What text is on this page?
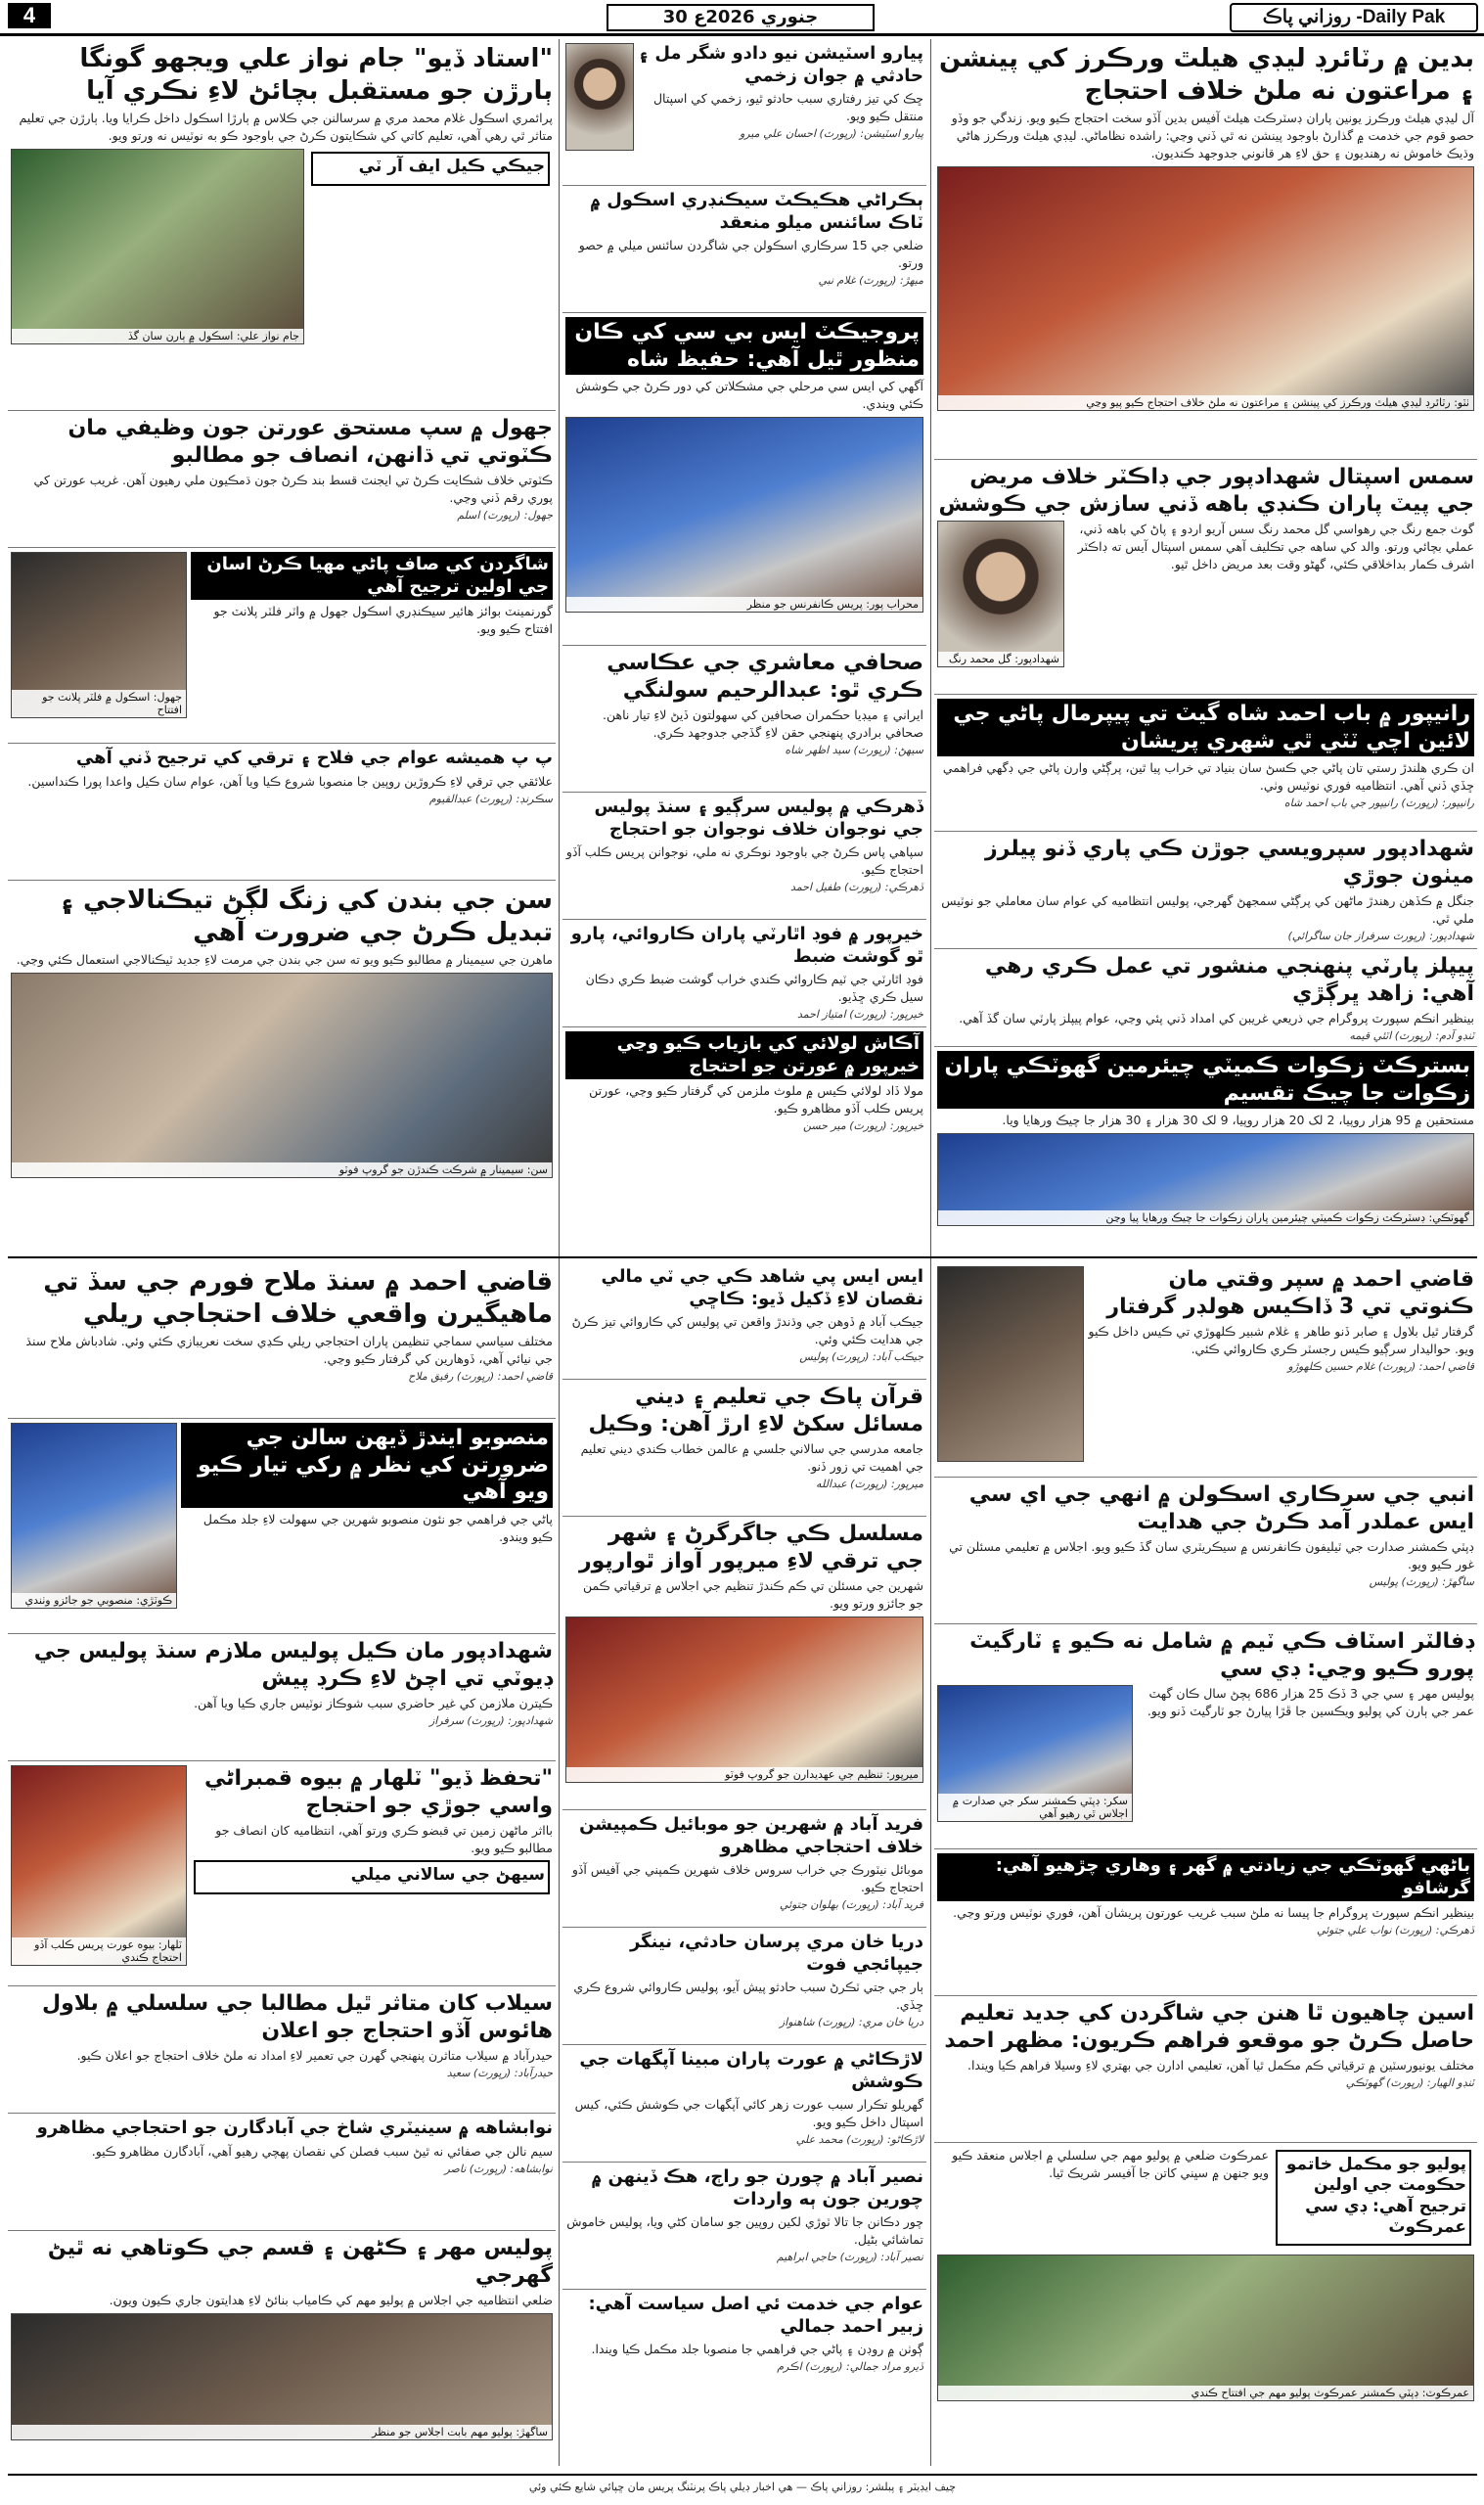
4	30 جنوري 2026ع	روزاني پاڪ -Daily Pak
بدين ۾ رٽائرڊ ليڊي هيلٿ ورڪرز کي پينشن ۽ مراعتون نه ملڻ خلاف احتجاج
آل ليڊي هيلٿ ورڪرز يونين پاران ڊسٽرڪٽ هيلٿ آفيس بدين آڏو سخت احتجاج ڪيو ويو. زندگي جو وڏو حصو قوم جي خدمت ۾ گذارڻ باوجود پينشن نه ٿي ڏني وڃي: راشده نظاماڻي. ليڊي هيلٿ ورڪرز هاڻي وڌيڪ خاموش نه رهنديون ۽ حق لاءِ هر قانوني جدوجهد ڪنديون.
ٺٽو: رٽائرڊ ليڊي هيلٿ ورڪرز کي پينشن ۽ مراعتون نه ملڻ خلاف احتجاج ڪيو پيو وڃي
سمس اسپتال شهدادپور جي ڊاڪٽر خلاف مريض جي پيٽ پاران ڪنڊي باهه ڏني سازش جي ڪوشش
گوٺ جمع رنگ جي رهواسي گل محمد رنگ سس آريو اردو ۽ پاڻ کي باهه ڏني، عملي بچائي ورتو. والد کي ساهه جي تڪليف آهي سمس اسپتال آيس ته ڊاڪٽر اشرف ڪمار بداخلاقي ڪئي، گهڻو وقت بعد مريض داخل ٿيو.
شهدادپور: گل محمد رنگ
رانيپور ۾ باب احمد شاه گيٽ تي پيپرمال پاڻي جي لائين اچي ٽٽي ٿي شهري پريشان
ان ڪري هلندڙ رستي تان پاڻي جي ڪسڻ سان بنياد تي خراب پيا ٿين، پرڳڻي وارن پاڻي جي ڊگهي فراهمي ڇڏي ڏني آهي. انتظاميه فوري نوٽيس وٺي.
رانيپور: (رپورٽ) رانيپور جي باب احمد شاه
شهدادپور سپرويسي جوڙن ڪي پاري ڏنو پيلرز ميٺون جوڙي
جنگل ۾ ڪڏهن رهندڙ ماڻهن کي پرڳڻي سمجهڻ گهرجي، پوليس انتظاميه کي عوام سان معاملي جو نوٽيس ملي ٿي.
شهدادپور: (رپورٽ سرفراز جان ساگرائي)
پيپلز پارٽي پنهنجي منشور تي عمل ڪري رهي آهي: زاهد ڀرڳڙي
بينظير انڪم سپورٽ پروگرام جي ذريعي غريبن کي امداد ڏني پئي وڃي، عوام پيپلز پارٽي سان گڏ آهي.
ٽنڊو آدم: (رپورٽ) اٽئي قيمه
بسترڪٽ زڪوات ڪميٽي چيئرمين گهوٽڪي پاران زڪوات جا چيڪ تقسيم
مستحقين ۾ 95 هزار روپيا، 2 لک 20 هزار روپيا، 9 لک 30 هزار ۽ 30 هزار جا چيڪ ورهايا ويا.
گهوٽڪي: ڊسٽرڪٽ زڪوات ڪميٽي چيئرمين پاران زڪوات جا چيڪ ورهايا پيا وڃن
پيارو اسٽيشن نيو دادو شگر مل ۽ حادثي ۾ جوان زخمي
ڇڪ کي تيز رفتاري سبب حادثو ٿيو، زخمي کي اسپتال منتقل ڪيو ويو.
پيارو اسٽيشن: (رپورٽ) احسان علي ميرو
ٻڪراڻي هڪيڪٽ سيڪنڊري اسڪول ۾ ٽاڪ سائنس ميلو منعقد
ضلعي جي 15 سرڪاري اسڪولن جي شاگردن سائنس ميلي ۾ حصو ورتو.
ميهڙ: (رپورٽ) غلام نبي
پروجيڪٽ ايس بي سي کي ڪان منظور ٿيل آهي: حفيظ شاه
آگهي کي ايس سي مرحلي جي مشڪلاتن کي دور ڪرڻ جي ڪوشش ڪئي ويندي.
محراب پور: پريس ڪانفرنس جو منظر
صحافي معاشري جي عڪاسي ڪري ٿو: عبدالرحيم سولنگي
ايراني ۽ ميڊيا حڪمران صحافين کي سهولتون ڏيڻ لاءِ تيار ناهن. صحافي برادري پنهنجي حقن لاءِ گڏجي جدوجهد ڪري.
سيهڻ: (رپورٽ) سيد اظهر شاه
ڏهرڪي ۾ پوليس سرڳيو ۽ سنڌ پوليس جي نوجوان خلاف نوجوان جو احتجاج
سپاهي پاس ڪرڻ جي باوجود نوڪري نه ملي، نوجوانن پريس ڪلب آڏو احتجاج ڪيو.
ڏهرڪي: (رپورٽ) طفيل احمد
خيرپور ۾ فوڊ اٿارٽي پاران ڪاروائي، پارو ٿو گوشت ضبط
فوڊ اٿارٽي جي ٽيم ڪاروائي ڪندي خراب گوشت ضبط ڪري دڪان سيل ڪري ڇڏيو.
خيرپور: (رپورٽ) امتياز احمد
آڪاش لولائي کي بازياب ڪيو وڃي خيرپور ۾ عورتن جو احتجاج
مولا ڏاد لولائي ڪيس ۾ ملوث ملزمن کي گرفتار ڪيو وڃي، عورتن پريس ڪلب آڏو مظاهرو ڪيو.
خيرپور: (رپورٽ) مير حسن
"استاد ڏيو" جام نواز علي ويجهو گونگا ٻارڙن جو مستقبل بچائڻ لاءِ نڪري آيا
پرائمري اسڪول غلام محمد مري ۾ سرسالنن جي ڪلاس ۾ ٻارڙا اسڪول داخل ڪرايا ويا. ٻارڙن جي تعليم متاثر ٿي رهي آهي، تعليم کاتي کي شڪايتون ڪرڻ جي باوجود ڪو به نوٽيس نه ورتو ويو.
جيڪي ڪيل ايف آر ٽي
جام نواز علي: اسڪول ۾ ٻارن سان گڏ
جهول ۾ سپ مستحق عورتن جون وظيفي مان ڪٽوتي تي ڌانهن، انصاف جو مطالبو
ڪٽوتي خلاف شڪايت ڪرڻ تي ايجنٽ قسط بند ڪرڻ جون ڌمڪيون ملي رهيون آهن. غريب عورتن کي پوري رقم ڏني وڃي.
جهول: (رپورٽ) اسلم
شاگردن کي صاف پاڻي مهيا ڪرڻ اسان جي اولين ترجيح آهي
گورنمينٽ بوائز هائير سيڪنڊري اسڪول جهول ۾ واٽر فلٽر پلانٽ جو افتتاح ڪيو ويو.
جهول: اسڪول ۾ فلٽر پلانٽ جو افتتاح
پ پ هميشه عوام جي فلاح ۽ ترقي کي ترجيح ڏني آهي
علائقي جي ترقي لاءِ ڪروڙين روپين جا منصوبا شروع ڪيا ويا آهن، عوام سان ڪيل واعدا پورا ڪنداسين.
سڪرنڊ: (رپورٽ) عبدالقيوم
سن جي بندن کي زنگ لڳڻ تيڪنالاجي ۽ تبديل ڪرڻ جي ضرورت آهي
ماهرن جي سيمينار ۾ مطالبو ڪيو ويو ته سن جي بندن جي مرمت لاءِ جديد ٽيڪنالاجي استعمال ڪئي وڃي.
سن: سيمينار ۾ شرڪت ڪندڙن جو گروپ فوٽو
قاضي احمد ۾ سپر وقتي مان ڪنوتي تي 3 ڏاڪيس هولڊر گرفتار
گرفتار ٿيل بلاول ۽ صابر ڏنو طاهر ۽ غلام شبير ڪلهوڙي تي ڪيس داخل ڪيو ويو. حواليدار سرڳيو ڪيس رجسٽر ڪري ڪاروائي ڪئي.
قاضي احمد: (رپورٽ) غلام حسين ڪلهوڙو
انبي جي سرڪاري اسڪولن ۾ انهي جي اي سي ايس عملدر آمد ڪرڻ جي هدايت
ڊپٽي ڪمشنر صدارت جي ٽيليفون ڪانفرنس ۾ سيڪريٽري سان گڏ ڪيو ويو. اجلاس ۾ تعليمي مسئلن تي غور ڪيو ويو.
ساگهڙ: (رپورٽ) پوليس
ڊفالٽر اسٽاف ڪي ٽيم ۾ شامل نه ڪيو ۽ ٽارگيٽ پورو ڪيو وڃي: ڊي سي
پوليس مهر ۽ سي جي 3 ڏڪ 25 هزار 686 ٻچڻ سال ڪان گهٽ عمر جي ٻارن کي پوليو ويڪسين جا ڦڙا پيارڻ جو ٽارگيٽ ڏنو ويو.
سکر: ڊپٽي ڪمشنر سکر جي صدارت ۾ اجلاس ٿي رهيو آهي
باڻهي گهوٽڪي جي زيادتي ۾ گهر ۽ وهاري چڙهيو آهي: گرشافو
بينظير انڪم سپورٽ پروگرام جا پيسا نه ملڻ سبب غريب عورتون پريشان آهن، فوري نوٽيس ورتو وڃي.
ڏهرڪي: (رپورٽ) نواب علي جتوئي
اسين چاهيون ٿا هنن جي شاگردن کي جديد تعليم حاصل ڪرڻ جو موقعو فراهم ڪريون: مظهر احمد
مختلف يونيورسٽين ۾ ترقياتي ڪم مڪمل ٿيا آهن، تعليمي ادارن جي بهتري لاءِ وسيلا فراهم ڪيا ويندا.
ٽنڊو الهيار: (رپورٽ) گهوٽڪي
پوليو جو مڪمل خاتمو حڪومت جي اولين ترجيح آهي: ڊي سي عمرڪوٽ
عمرڪوٽ ضلعي ۾ پوليو مهم جي سلسلي ۾ اجلاس منعقد ڪيو ويو جنهن ۾ سڀني کاتن جا آفيسر شريڪ ٿيا.
عمرڪوٽ: ڊپٽي ڪمشنر عمرڪوٽ پوليو مهم جي افتتاح ڪندي
ايس ايس پي شاهد ڪي جي ٽي مالي نقصان لاءِ ڏکيل ڏيو: ڪاڇي
جيڪب آباد ۾ ڏوهن جي وڌندڙ واقعن تي پوليس کي ڪاروائي تيز ڪرڻ جي هدايت ڪئي وئي.
جيڪب آباد: (رپورٽ) پوليس
قرآن پاڪ جي تعليم ۽ ديني مسائل سکڻ لاءِ ارڙ آهن: وڪيل
جامعه مدرسي جي سالاني جلسي ۾ عالمن خطاب ڪندي ديني تعليم جي اهميت تي زور ڏنو.
ميرپور: (رپورٽ) عبدالله
مسلسل ڪي جاگرگرڻ ۽ شهر جي ترقي لاءِ ميرپور آواز ٿوارپور
شهرين جي مسئلن تي ڪم ڪندڙ تنظيم جي اجلاس ۾ ترقياتي ڪمن جو جائزو ورتو ويو.
ميرپور: تنظيم جي عهديدارن جو گروپ فوٽو
فريد آباد ۾ شهرين جو موبائيل ڪمپيشن خلاف احتجاجي مظاهرو
موبائل نيٽورڪ جي خراب سروس خلاف شهرين ڪمپني جي آفيس آڏو احتجاج ڪيو.
فريد آباد: (رپورٽ) بهلوان جتوئي
دريا خان مري پرسان حادثي، نينگر جيپائجي فوت
ٻار جي جتي ٽڪرڻ سبب حادثو پيش آيو، پوليس ڪاروائي شروع ڪري ڇڏي.
دريا خان مري: (رپورٽ) شاهنواز
لاڙڪاڻي ۾ عورت پاران مبينا آپگهات جي ڪوشش
گهريلو تڪرار سبب عورت زهر کائي آپگهات جي ڪوشش ڪئي، کيس اسپتال داخل ڪيو ويو.
لاڙڪاڻو: (رپورٽ) محمد علي
نصير آباد ۾ چورن جو راڄ، هڪ ڏينهن ۾ چورين جون ٻه واردات
چور دڪانن جا تالا ٽوڙي لکين روپين جو سامان کڻي ويا، پوليس خاموش تماشائي بڻيل.
نصير آباد: (رپورٽ) حاجي ابراهيم
عوام جي خدمت ئي اصل سياست آهي: زبير احمد جمالي
ڳوٺن ۾ روڊن ۽ پاڻي جي فراهمي جا منصوبا جلد مڪمل ڪيا ويندا.
ڏيرو مراد جمالي: (رپورٽ) اڪرم
قاضي احمد ۾ سنڌ ملاح فورم جي سڏ تي ماهيگيرن واقعي خلاف احتجاجي ريلي
مختلف سياسي سماجي تنظيمن پاران احتجاجي ريلي ڪڍي سخت نعريبازي ڪئي وئي. شادباش ملاح سنڌ جي نيائي آهي، ڏوهارين کي گرفتار ڪيو وڃي.
قاضي احمد: (رپورٽ) رفيق ملاح
منصوبو ايندڙ ڏيهن سالن جي ضرورتن کي نظر ۾ رکي تيار ڪيو ويو آهي
پاڻي جي فراهمي جو نئون منصوبو شهرين جي سهولت لاءِ جلد مڪمل ڪيو ويندو.
ڪوٽڙي: منصوبي جو جائزو وٺندي
شهدادپور مان ڪيل پوليس ملازم سنڌ پوليس جي ڊيوٽي تي اچڻ لاءِ ڪرڊ پيش
ڪيترن ملازمن کي غير حاضري سبب شوڪاز نوٽيس جاري ڪيا ويا آهن.
شهدادپور: (رپورٽ) سرفراز
"تحفظ ڏيو" ٽلهار ۾ بيوه قمبراڻي واسي جوڙي جو احتجاج
بااثر ماڻهن زمين تي قبضو ڪري ورتو آهي، انتظاميه کان انصاف جو مطالبو ڪيو ويو.
سيهڻ جي سالاني ميلي
ٽلهار: بيوه عورت پريس ڪلب آڏو احتجاج ڪندي
سيلاب کان متاثر ٿيل مطالبا جي سلسلي ۾ بلاول هائوس آڏو احتجاج جو اعلان
حيدرآباد ۾ سيلاب متاثرن پنهنجي گهرن جي تعمير لاءِ امداد نه ملڻ خلاف احتجاج جو اعلان ڪيو.
حيدرآباد: (رپورٽ) سعيد
نوابشاهه ۾ سينيٽري شاخ جي آبادگارن جو احتجاجي مظاهرو
سيم نالن جي صفائي نه ٿيڻ سبب فصلن کي نقصان پهچي رهيو آهي، آبادگارن مظاهرو ڪيو.
نوابشاهه: (رپورٽ) ناصر
پوليس مهر ۽ ڪڻهن ۽ قسم جي ڪوتاهي نه ٿيڻ گهرجي
ضلعي انتظاميه جي اجلاس ۾ پوليو مهم کي ڪامياب بنائڻ لاءِ هدايتون جاري ڪيون ويون.
ساگهڙ: پوليو مهم بابت اجلاس جو منظر
چيف ايڊيٽر ۽ پبلشر: روزاني پاڪ — هي اخبار ڊيلي پاڪ پرنٽنگ پريس مان ڇپائي شايع ڪئي وئي
